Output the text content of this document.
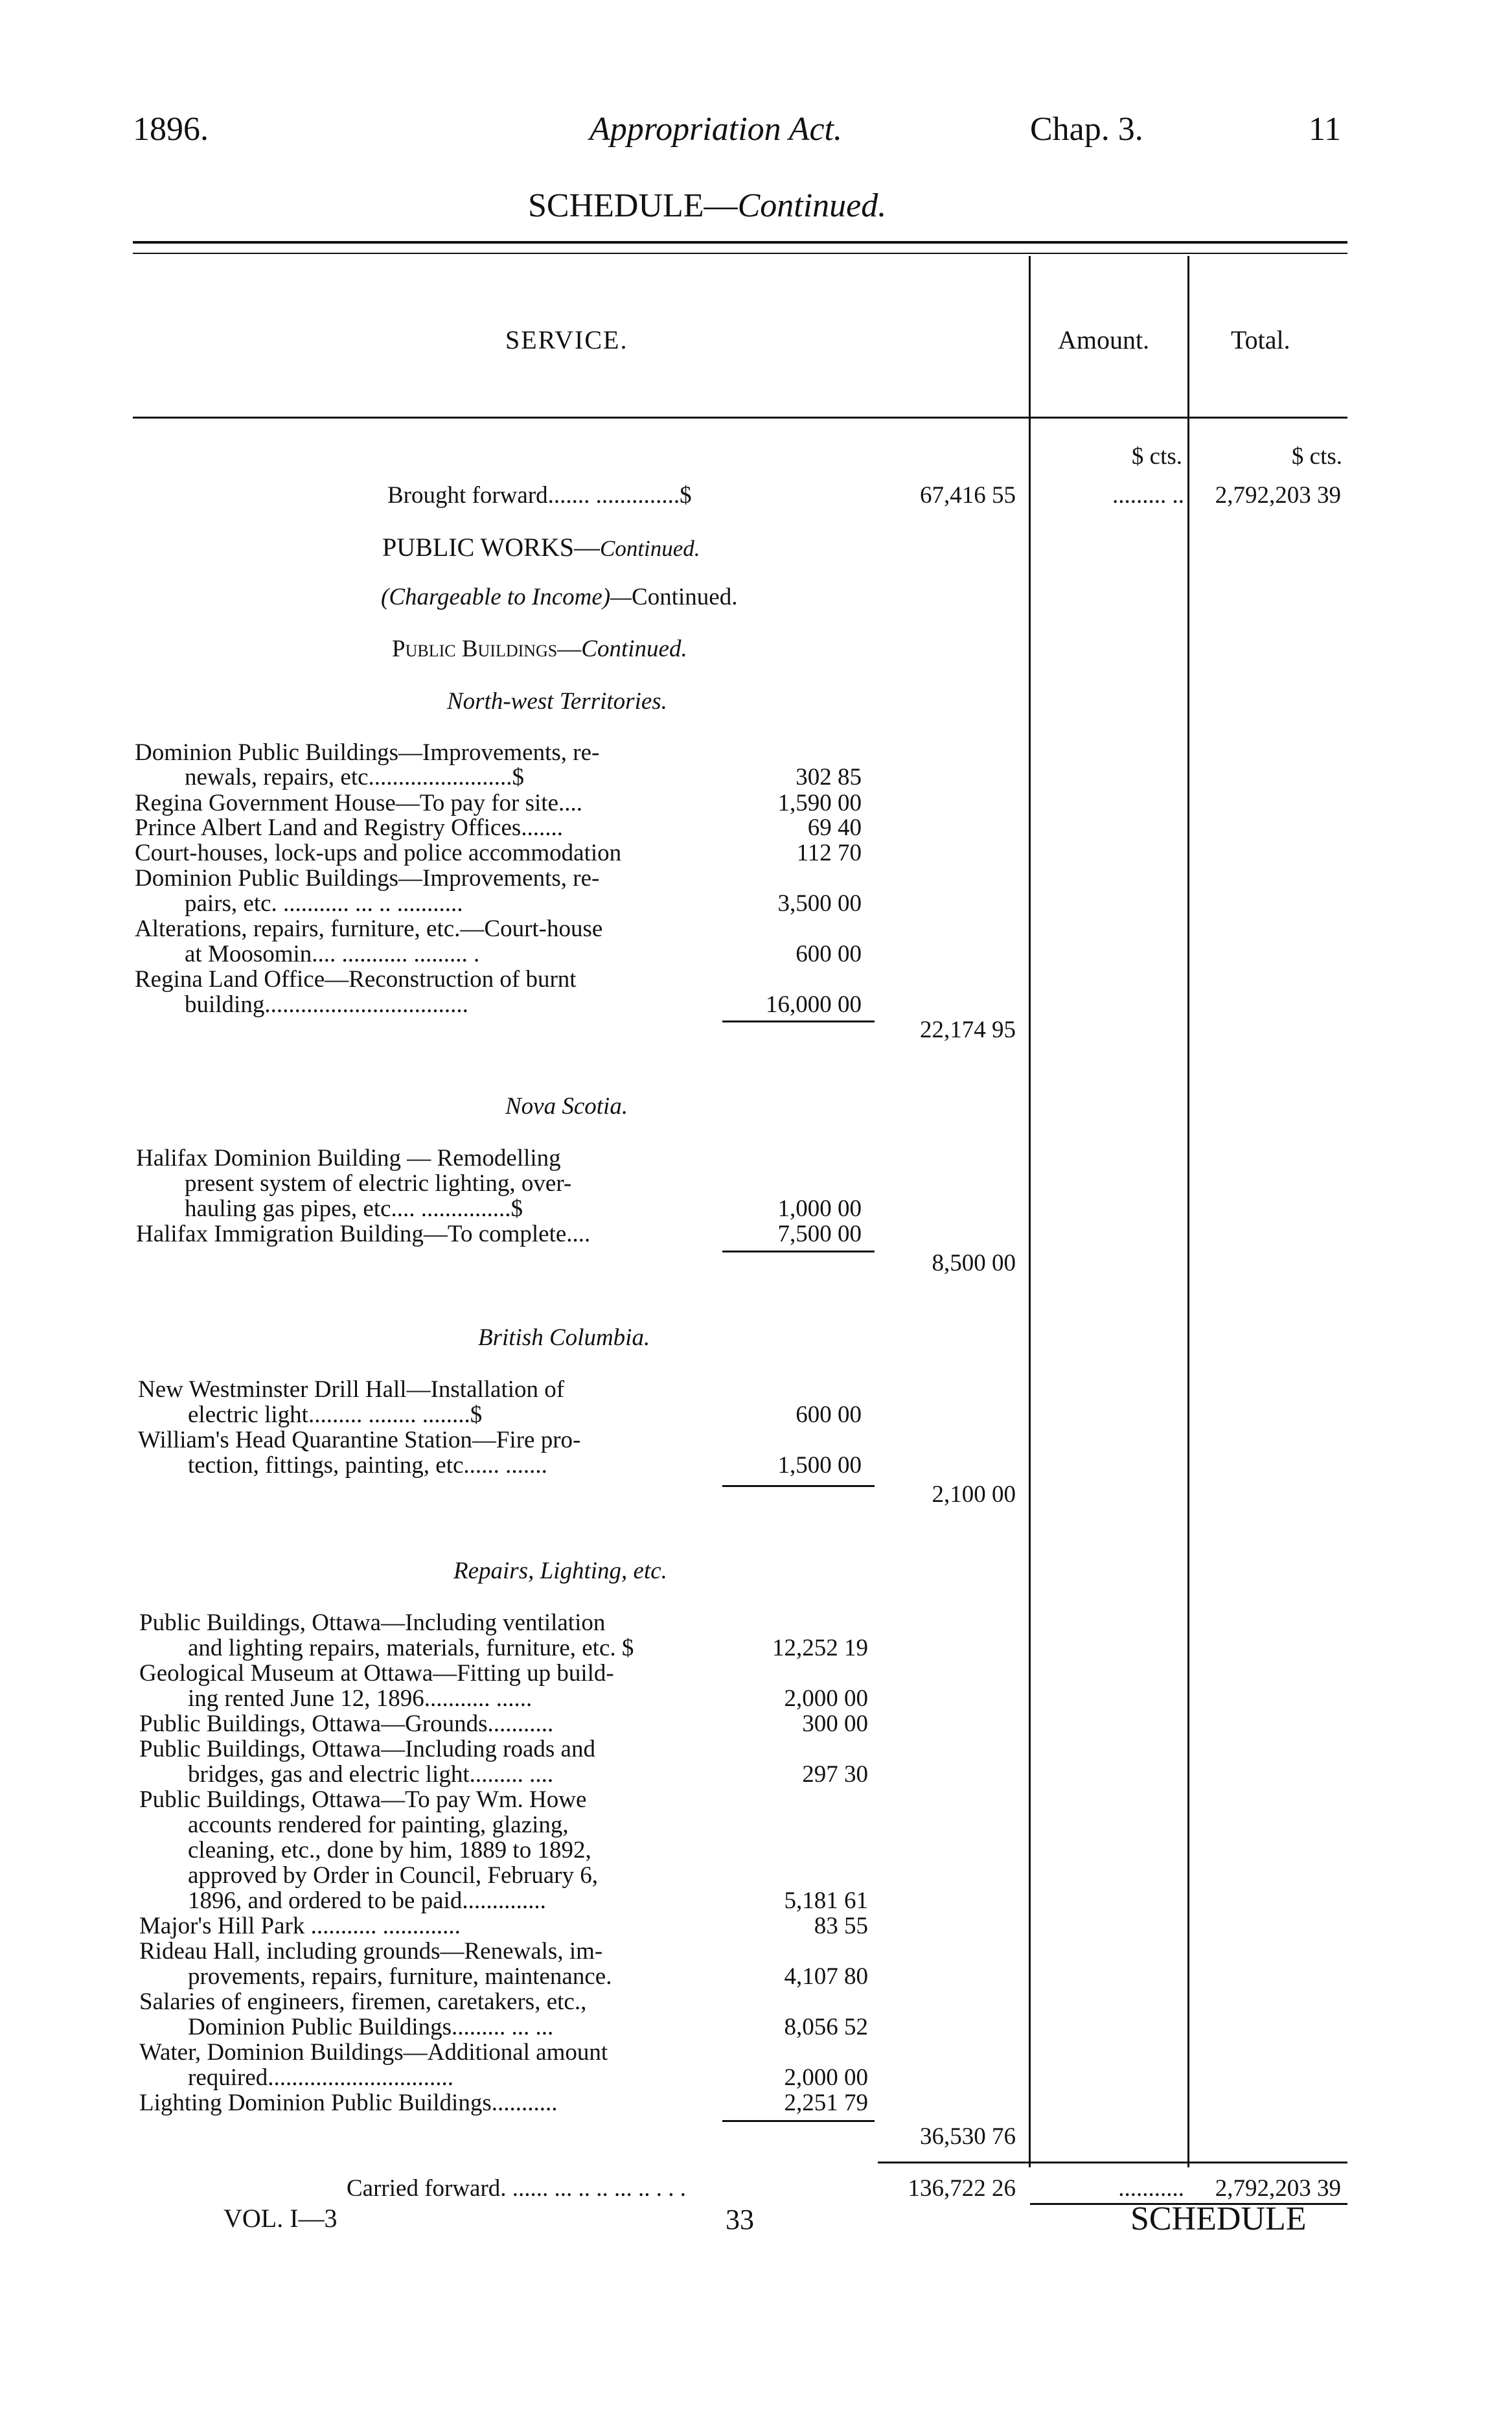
1896.	Appropriation Act.	Chap. 3.	11
SCHEDULE—Continued.
SERVICE.	Amount.	Total.
$ cts.	$ cts.
Brought forward....... ..............$	67,416 55	......... ..	2,792,203 39
PUBLIC WORKS—Continued.
(Chargeable to Income)—Continued.
Public Buildings—Continued.
North-west Territories.
Dominion Public Buildings—Improvements, re-
newals, repairs, etc........................$	302 85
Regina Government House—To pay for site....	1,590 00
Prince Albert Land and Registry Offices.......	69 40
Court-houses, lock-ups and police accommodation	112 70
Dominion Public Buildings—Improvements, re-
pairs, etc. ........... ... .. ...........	3,500 00
Alterations, repairs, furniture, etc.—Court-house
at Moosomin.... ........... ......... .	600 00
Regina Land Office—Reconstruction of burnt
building..................................	16,000 00
22,174 95
Nova Scotia.
Halifax Dominion Building — Remodelling
present system of electric lighting, over-
hauling gas pipes, etc.... ...............$	1,000 00
Halifax Immigration Building—To complete....	7,500 00
8,500 00
British Columbia.
New Westminster Drill Hall—Installation of
electric light......... ........ ........$	600 00
William's Head Quarantine Station—Fire pro-
tection, fittings, painting, etc...... .......	1,500 00
2,100 00
Repairs, Lighting, etc.
Public Buildings, Ottawa—Including ventilation
and lighting repairs, materials, furniture, etc. $	12,252 19
Geological Museum at Ottawa—Fitting up build-
ing rented June 12, 1896........... ......	2,000 00
Public Buildings, Ottawa—Grounds...........	300 00
Public Buildings, Ottawa—Including roads and
bridges, gas and electric light......... ....	297 30
Public Buildings, Ottawa—To pay Wm. Howe
accounts rendered for painting, glazing,
cleaning, etc., done by him, 1889 to 1892,
approved by Order in Council, February 6,
1896, and ordered to be paid..............	5,181 61
Major's Hill Park ........... .............	83 55
Rideau Hall, including grounds—Renewals, im-
provements, repairs, furniture, maintenance.	4,107 80
Salaries of engineers, firemen, caretakers, etc.,
Dominion Public Buildings......... ... ...	8,056 52
Water, Dominion Buildings—Additional amount
required...............................	2,000 00
Lighting Dominion Public Buildings...........	2,251 79
36,530 76
Carried forward. ...... ... .. .. ... .. . . .	136,722 26	...........	2,792,203 39
VOL. I—3	33	SCHEDULE
